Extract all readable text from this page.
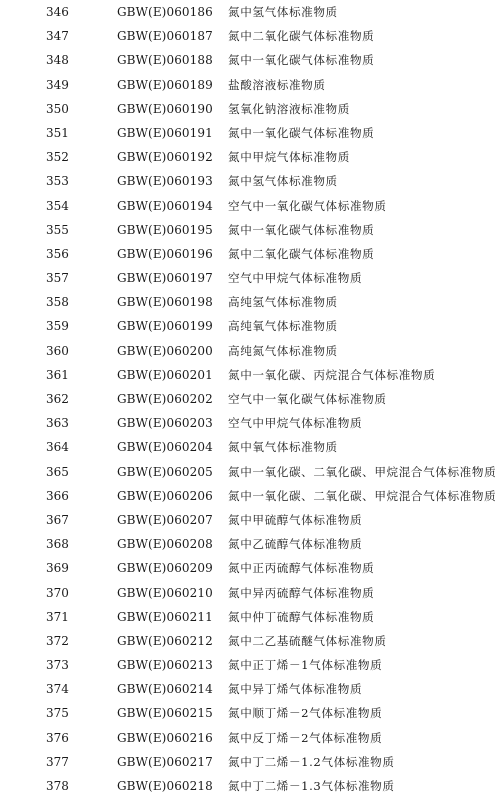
346	GBW(E)060186 氮中氢气体标准物质
347	GBW(E)060187 氮中二氧化碳气体标准物质
348	GBW(E)060188 氮中一氧化碳气体标准物质
349	GBW(E)060189 盐酸溶液标准物质
350	GBW(E)060190 氢氧化钠溶液标准物质
351	GBW(E)060191 氮中一氧化碳气体标准物质
352	GBW(E)060192 氮中甲烷气体标准物质
353	GBW(E)060193 氮中氢气体标准物质
354	GBW(E)060194 空气中一氧化碳气体标准物质
355	GBW(E)060195 氮中一氧化碳气体标准物质
356	GBW(E)060196 氮中二氧化碳气体标准物质
357	GBW(E)060197 空气中甲烷气体标准物质
358	GBW(E)060198 高纯氢气体标准物质
359	GBW(E)060199 高纯氧气体标准物质
360	GBW(E)060200 高纯氮气体标准物质
361	GBW(E)060201 氮中一氧化碳、丙烷混合气体标准物质
362	GBW(E)060202 空气中一氧化碳气体标准物质
363	GBW(E)060203 空气中甲烷气体标准物质
364	GBW(E)060204 氮中氧气体标准物质
365	GBW(E)060205 氮中一氧化碳、二氧化碳、甲烷混合气体标准物质
366	GBW(E)060206 氮中一氧化碳、二氧化碳、甲烷混合气体标准物质
367	GBW(E)060207 氮中甲硫醇气体标准物质
368	GBW(E)060208 氮中乙硫醇气体标准物质
369	GBW(E)060209 氮中正丙硫醇气体标准物质
370	GBW(E)060210 氮中异丙硫醇气体标准物质
371	GBW(E)060211 氮中仲丁硫醇气体标准物质
372	GBW(E)060212 氮中二乙基硫醚气体标准物质
373	GBW(E)060213 氮中正丁烯－1气体标准物质
374	GBW(E)060214 氮中异丁烯气体标准物质
375	GBW(E)060215 氮中顺丁烯－2气体标准物质
376	GBW(E)060216 氮中反丁烯－2气体标准物质
377	GBW(E)060217 氮中丁二烯－1.2气体标准物质
378	GBW(E)060218 氮中丁二烯－1.3气体标准物质
